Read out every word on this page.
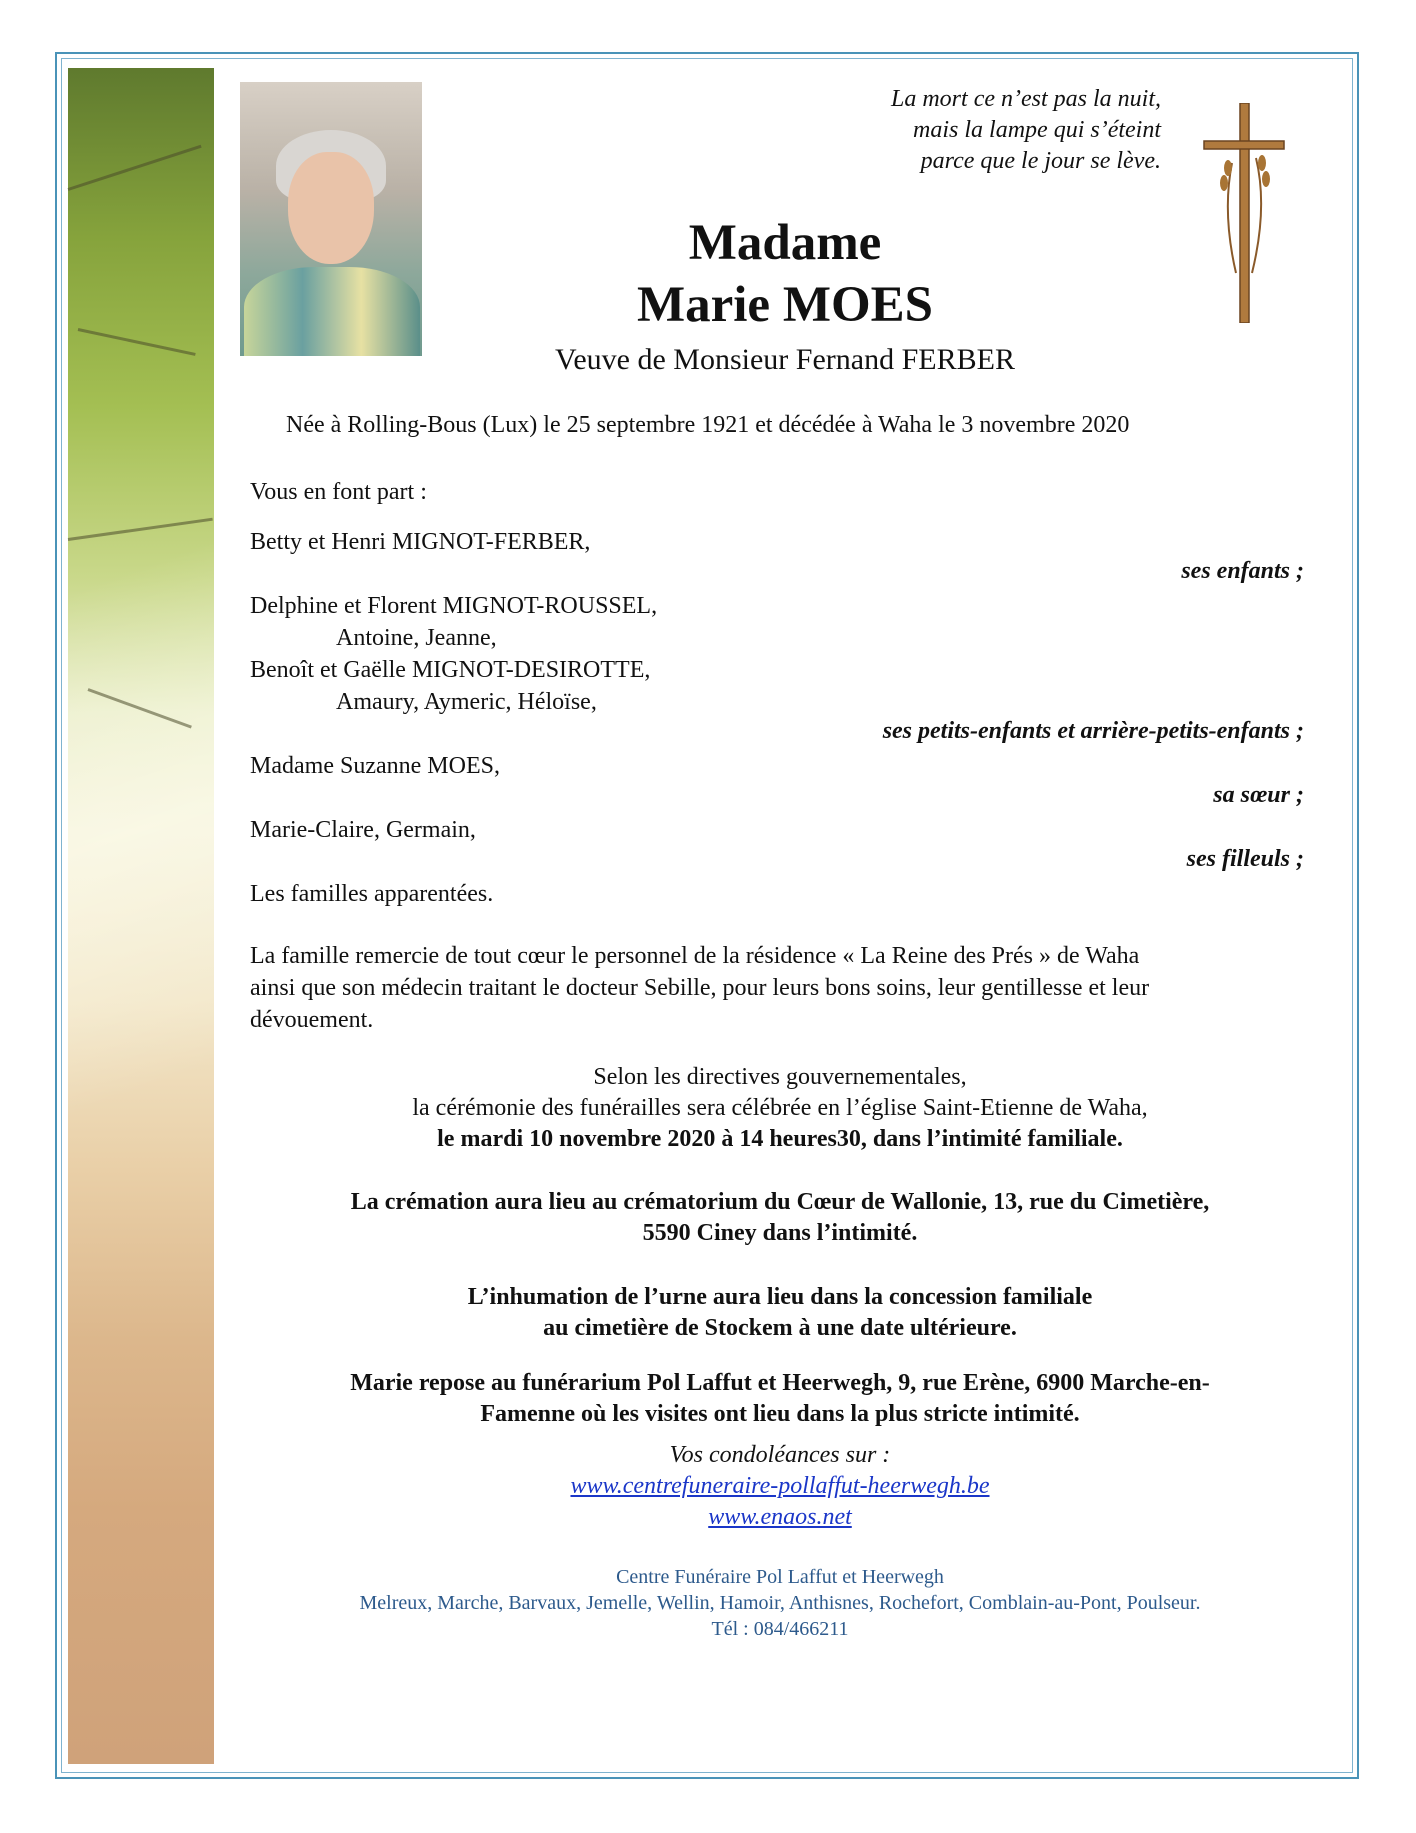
La mort ce n’est pas la nuit,
mais la lampe qui s’éteint
parce que le jour se lève.
Madame
Marie MOES
Veuve de Monsieur Fernand FERBER
Née à Rolling-Bous (Lux) le 25 septembre 1921 et décédée à Waha le 3 novembre 2020
Vous en font part :
Betty et Henri MIGNOT-FERBER,
ses enfants ;
Delphine et Florent MIGNOT-ROUSSEL,
Antoine, Jeanne,
Benoît et Gaëlle MIGNOT-DESIROTTE,
Amaury, Aymeric, Héloïse,
ses petits-enfants et arrière-petits-enfants ;
Madame Suzanne MOES,
sa sœur ;
Marie-Claire, Germain,
ses filleuls ;
Les familles apparentées.
La famille remercie de tout cœur le personnel de la résidence « La Reine des Prés » de Waha
ainsi que son médecin traitant le docteur Sebille, pour leurs bons soins, leur gentillesse et leur
dévouement.
Selon les directives gouvernementales,
la cérémonie des funérailles sera célébrée en l’église Saint-Etienne de Waha,
le mardi 10 novembre 2020 à 14 heures30, dans l’intimité familiale.
La crémation aura lieu au crématorium du Cœur de Wallonie, 13, rue du Cimetière,
5590 Ciney dans l’intimité.
L’inhumation de l’urne aura lieu dans la concession familiale
au cimetière de Stockem à une date ultérieure.
Marie repose au funérarium Pol Laffut et Heerwegh, 9, rue Erène, 6900 Marche-en-
Famenne où les visites ont lieu dans la plus stricte intimité.
Vos condoléances sur :
www.centrefuneraire-pollaffut-heerwegh.be
www.enaos.net
Centre Funéraire Pol Laffut et Heerwegh
Melreux, Marche, Barvaux, Jemelle, Wellin, Hamoir, Anthisnes, Rochefort, Comblain-au-Pont, Poulseur.
Tél : 084/466211
